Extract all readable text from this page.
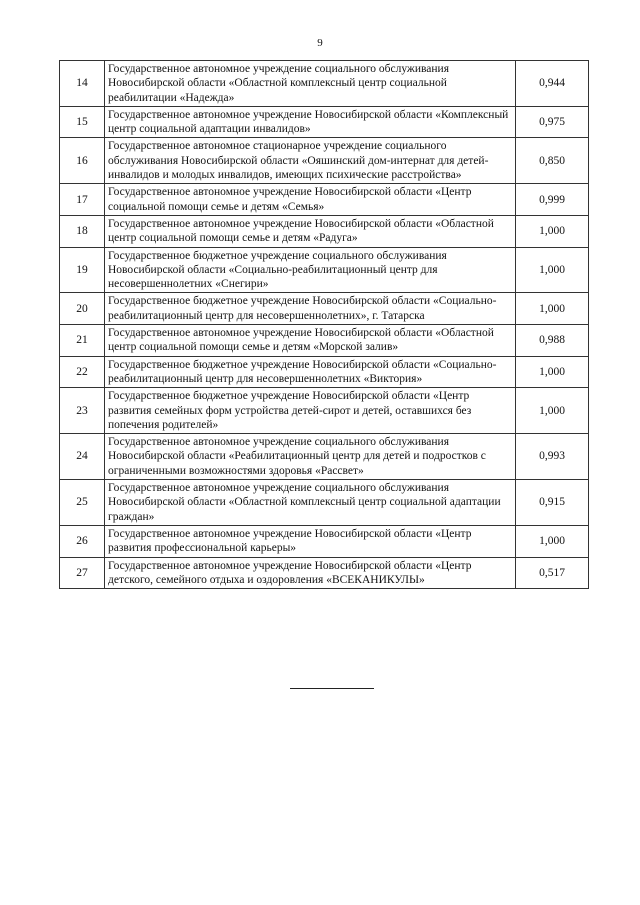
9
14	Государственное автономное учреждение социального обслуживания Новосибирской области «Областной комплексный центр социальной реабилитации «Надежда»	0,944
15	Государственное автономное учреждение Новосибирской области «Комплексный центр социальной адаптации инвалидов»	0,975
16	Государственное автономное стационарное учреждение социального обслуживания Новосибирской области «Ояшинский дом-интернат для детей-инвалидов и молодых инвалидов, имеющих психические расстройства»	0,850
17	Государственное автономное учреждение Новосибирской области «Центр социальной помощи семье и детям «Семья»	0,999
18	Государственное автономное учреждение Новосибирской области «Областной центр социальной помощи семье и детям «Радуга»	1,000
19	Государственное бюджетное учреждение социального обслуживания Новосибирской области «Социально-реабилитационный центр для несовершеннолетних «Снегири»	1,000
20	Государственное бюджетное учреждение Новосибирской области «Социально-реабилитационный центр для несовершеннолетних», г. Татарска	1,000
21	Государственное автономное учреждение Новосибирской области «Областной центр социальной помощи семье и детям «Морской залив»	0,988
22	Государственное бюджетное учреждение Новосибирской области «Социально-реабилитационный центр для несовершеннолетних «Виктория»	1,000
23	Государственное бюджетное учреждение Новосибирской области «Центр развития семейных форм устройства детей-сирот и детей, оставшихся без попечения родителей»	1,000
24	Государственное автономное учреждение социального обслуживания Новосибирской области «Реабилитационный центр для детей и подростков с ограниченными возможностями здоровья «Рассвет»	0,993
25	Государственное автономное учреждение социального обслуживания Новосибирской области «Областной комплексный центр социальной адаптации граждан»	0,915
26	Государственное автономное учреждение Новосибирской области «Центр развития профессиональной карьеры»	1,000
27	Государственное автономное учреждение Новосибирской области «Центр детского, семейного отдыха и оздоровления «ВСЕКАНИКУЛЫ»	0,517
